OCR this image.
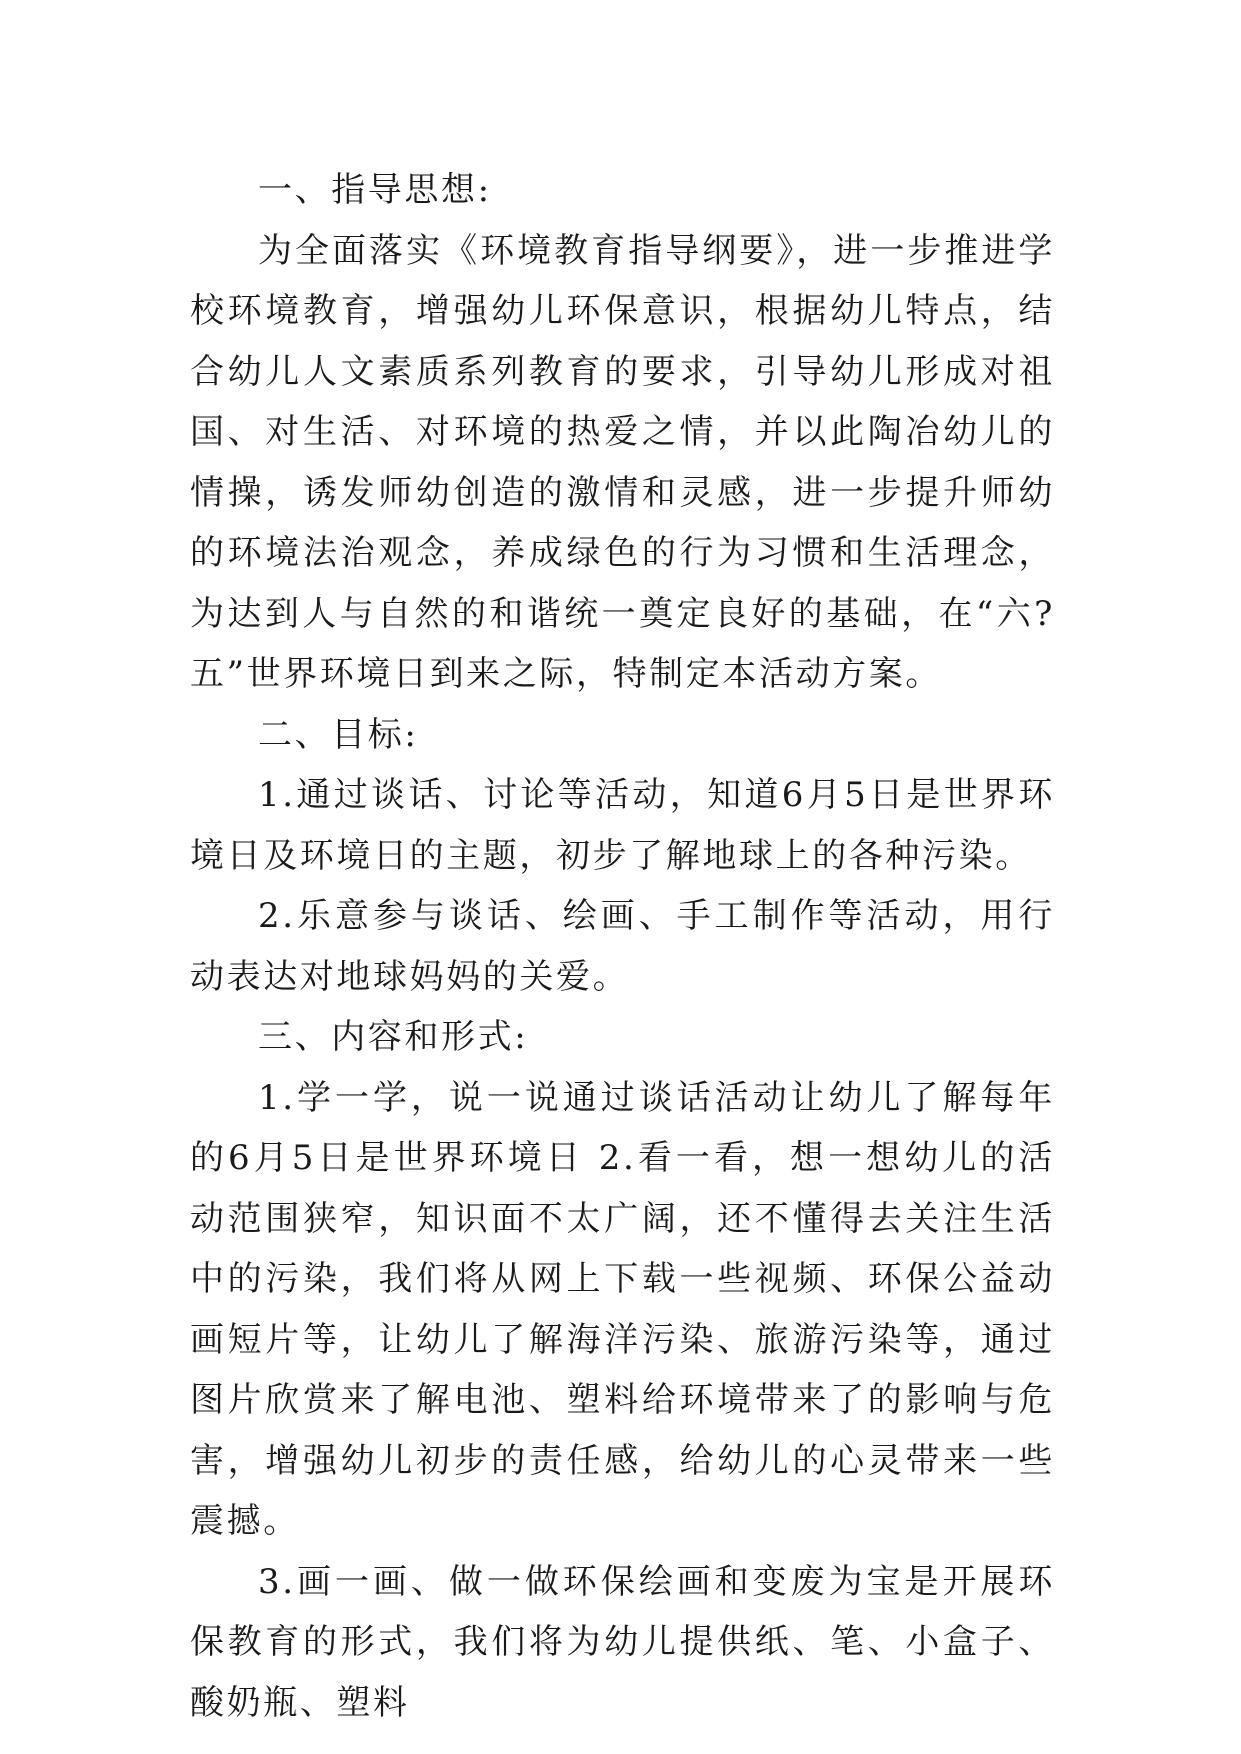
一、指导思想:

为全面落实《环境教育指导纲要》，进一步推进学校环境教育，增强幼儿环保意识，根据幼儿特点，结合幼儿人文素质系列教育的要求，引导幼儿形成对祖国、对生活、对环境的热爱之情，并以此陶冶幼儿的情操，诱发师幼创造的激情和灵感，进一步提升师幼的环境法治观念，养成绿色的行为习惯和生活理念，为达到人与自然的和谐统一奠定良好的基础，在“六?五”世界环境日到来之际，特制定本活动方案。

二、目标:

1.通过谈话、讨论等活动，知道6月5日是世界环境日及环境日的主题，初步了解地球上的各种污染。

2.乐意参与谈话、绘画、手工制作等活动，用行动表达对地球妈妈的关爱。

三、内容和形式:

1.学一学，说一说通过谈话活动让幼儿了解每年的6月5日是世界环境日 2.看一看，想一想幼儿的活动范围狭窄，知识面不太广阔，还不懂得去关注生活中的污染，我们将从网上下载一些视频、环保公益动画短片等，让幼儿了解海洋污染、旅游污染等，通过图片欣赏来了解电池、塑料给环境带来了的影响与危害，增强幼儿初步的责任感，给幼儿的心灵带来一些震撼。

3.画一画、做一做环保绘画和变废为宝是开展环保教育的形式，我们将为幼儿提供纸、笔、小盒子、酸奶瓶、塑料
